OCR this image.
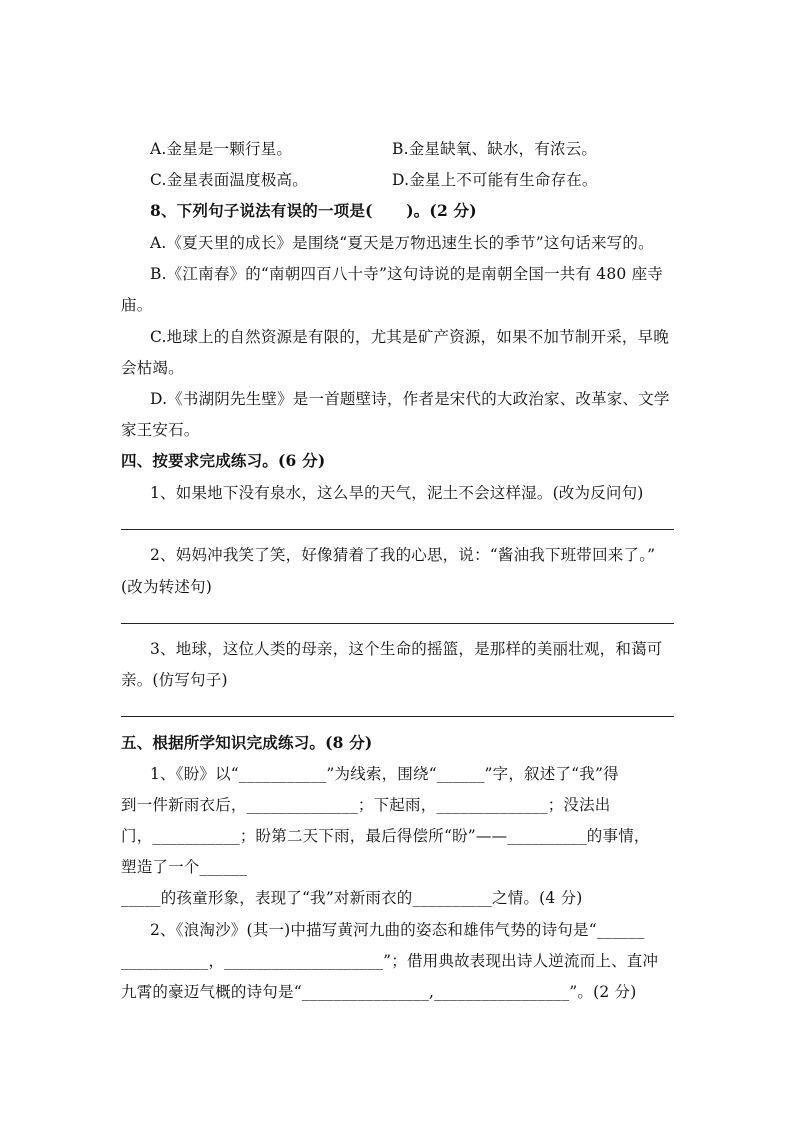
A.金星是一颗行星。	B.金星缺氧、缺水，有浓云。
C.金星表面温度极高。	D.金星上不可能有生命存在。
8、下列句子说法有误的一项是(      )。(2 分)
A.《夏天里的成长》是围绕“夏天是万物迅速生长的季节”这句话来写的。
B.《江南春》的“南朝四百八十寺”这句诗说的是南朝全国一共有 480 座寺
庙。
C.地球上的自然资源是有限的，尤其是矿产资源，如果不加节制开采，早晚
会枯竭。
D.《书湖阴先生壁》是一首题壁诗，作者是宋代的大政治家、改革家、文学
家王安石。
四、按要求完成练习。(6 分)
1、如果地下没有泉水，这么旱的天气，泥土不会这样湿。(改为反问句)
2、妈妈冲我笑了笑，好像猜着了我的心思，说：“酱油我下班带回来了。”
(改为转述句)
3、地球，这位人类的母亲，这个生命的摇篮，是那样的美丽壮观，和蔼可
亲。(仿写句子)
五、根据所学知识完成练习。(8 分)
1、《盼》以“___________”为线索，围绕“______”字，叙述了“我”得
到一件新雨衣后，______________；下起雨，______________；没法出
门，___________；盼第二天下雨，最后得偿所“盼”——__________的事情，
塑造了一个______
_____的孩童形象，表现了“我”对新雨衣的__________之情。(4 分)
2、《浪淘沙》(其一)中描写黄河九曲的姿态和雄伟气势的诗句是“______
___________，____________________”；借用典故表现出诗人逆流而上、直冲
九霄的豪迈气概的诗句是“________________,_________________”。(2 分)
